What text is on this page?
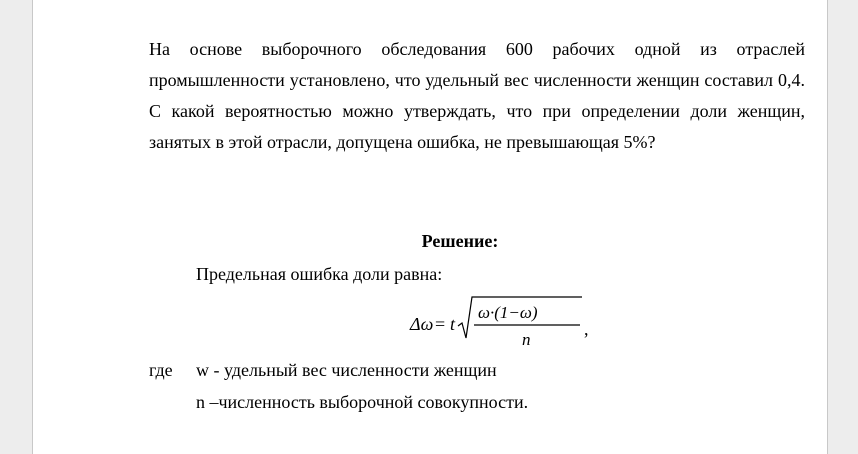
На основе выборочного обследования 600 рабочих одной из отраслей промышленности установлено, что удельный вес численности женщин составил 0,4. С какой вероятностью можно утверждать, что при определении доли женщин, занятых в этой отрасли, допущена ошибка, не превышающая 5%?

Решение:
Предельная ошибка доли равна:
Δω = t
ω·(1−ω)
n
,
где w - удельный вес численности женщин
n –численность выборочной совокупности.
